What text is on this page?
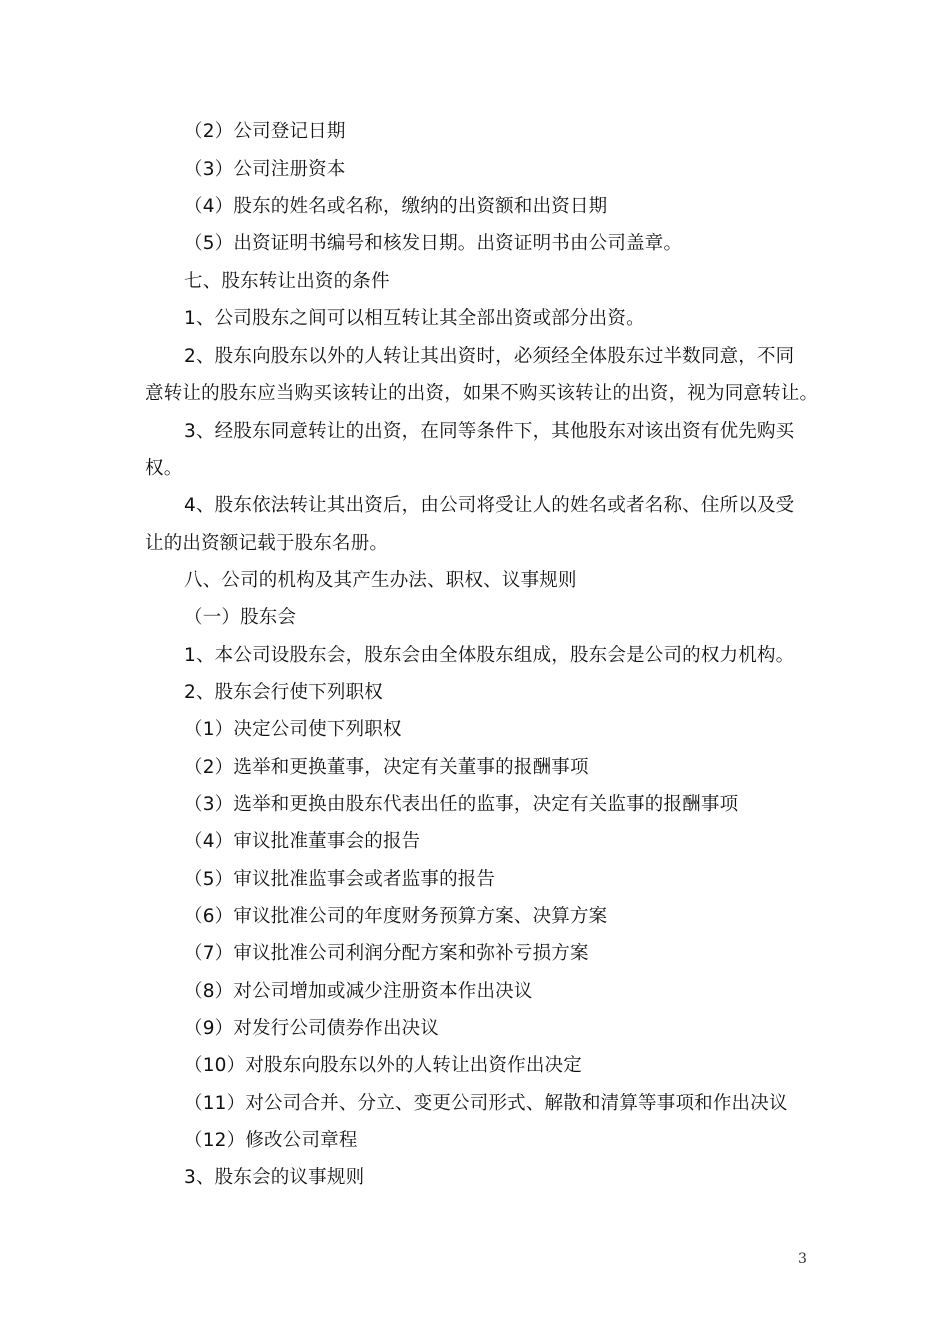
（2）公司登记日期
（3）公司注册资本
（4）股东的姓名或名称，缴纳的出资额和出资日期
（5）出资证明书编号和核发日期。出资证明书由公司盖章。
七、股东转让出资的条件
1、公司股东之间可以相互转让其全部出资或部分出资。
2、股东向股东以外的人转让其出资时，必须经全体股东过半数同意，不同
意转让的股东应当购买该转让的出资，如果不购买该转让的出资，视为同意转让。
3、经股东同意转让的出资，在同等条件下，其他股东对该出资有优先购买
权。
4、股东依法转让其出资后，由公司将受让人的姓名或者名称、住所以及受
让的出资额记载于股东名册。
八、公司的机构及其产生办法、职权、议事规则
（一）股东会
1、本公司设股东会，股东会由全体股东组成，股东会是公司的权力机构。
2、股东会行使下列职权
（1）决定公司使下列职权
（2）选举和更换董事，决定有关董事的报酬事项
（3）选举和更换由股东代表出任的监事，决定有关监事的报酬事项
（4）审议批准董事会的报告
（5）审议批准监事会或者监事的报告
（6）审议批准公司的年度财务预算方案、决算方案
（7）审议批准公司利润分配方案和弥补亏损方案
（8）对公司增加或减少注册资本作出决议
（9）对发行公司债券作出决议
（10）对股东向股东以外的人转让出资作出决定
（11）对公司合并、分立、变更公司形式、解散和清算等事项和作出决议
（12）修改公司章程
3、股东会的议事规则
3
